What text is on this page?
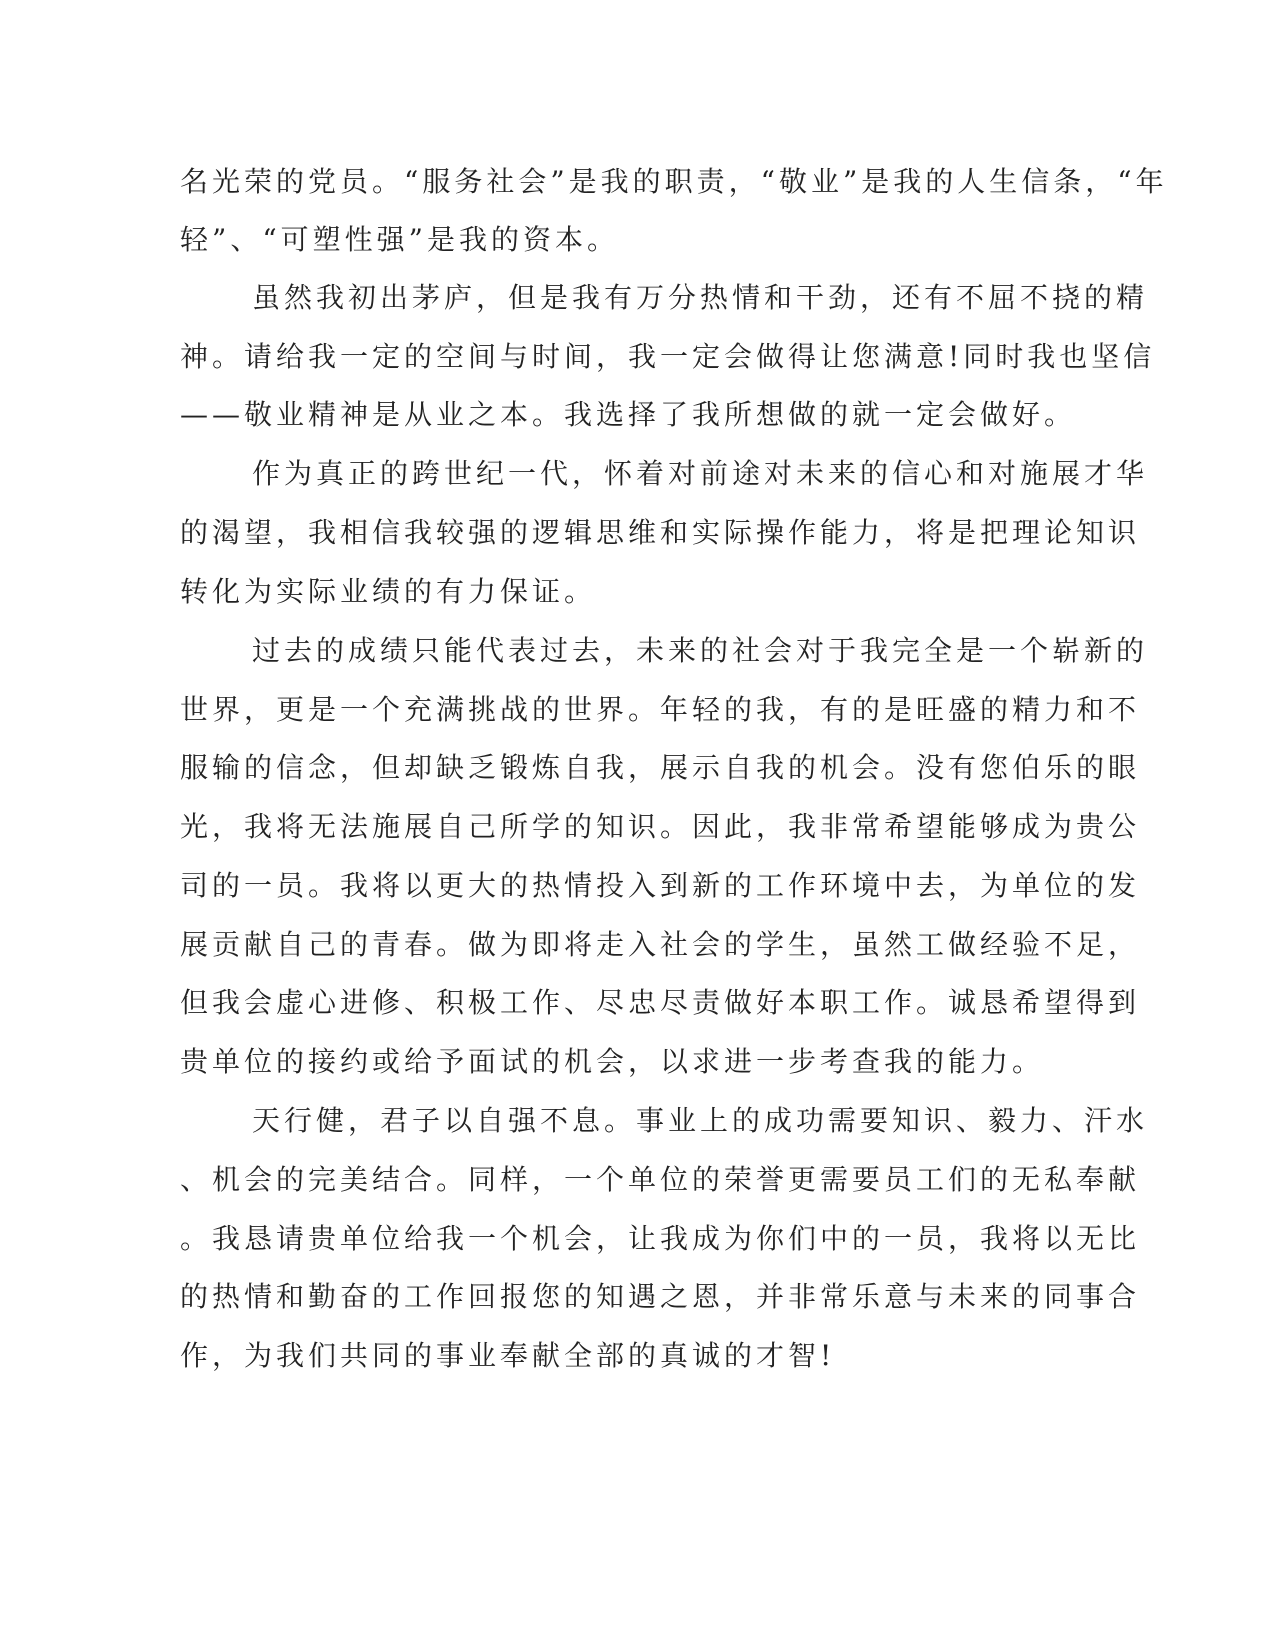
名光荣的党员。“服务社会”是我的职责，“敬业”是我的人生信条，“年

轻”、“可塑性强”是我的资本。

虽然我初出茅庐，但是我有万分热情和干劲，还有不屈不挠的精

神。请给我一定的空间与时间，我一定会做得让您满意!同时我也坚信

——敬业精神是从业之本。我选择了我所想做的就一定会做好。

作为真正的跨世纪一代，怀着对前途对未来的信心和对施展才华

的渴望，我相信我较强的逻辑思维和实际操作能力，将是把理论知识

转化为实际业绩的有力保证。

过去的成绩只能代表过去，未来的社会对于我完全是一个崭新的

世界，更是一个充满挑战的世界。年轻的我，有的是旺盛的精力和不

服输的信念，但却缺乏锻炼自我，展示自我的机会。没有您伯乐的眼

光，我将无法施展自己所学的知识。因此，我非常希望能够成为贵公

司的一员。我将以更大的热情投入到新的工作环境中去，为单位的发

展贡献自己的青春。做为即将走入社会的学生，虽然工做经验不足，

但我会虚心进修、积极工作、尽忠尽责做好本职工作。诚恳希望得到

贵单位的接约或给予面试的机会，以求进一步考查我的能力。

天行健，君子以自强不息。事业上的成功需要知识、毅力、汗水

、机会的完美结合。同样，一个单位的荣誉更需要员工们的无私奉献

。我恳请贵单位给我一个机会，让我成为你们中的一员，我将以无比

的热情和勤奋的工作回报您的知遇之恩，并非常乐意与未来的同事合

作，为我们共同的事业奉献全部的真诚的才智!
